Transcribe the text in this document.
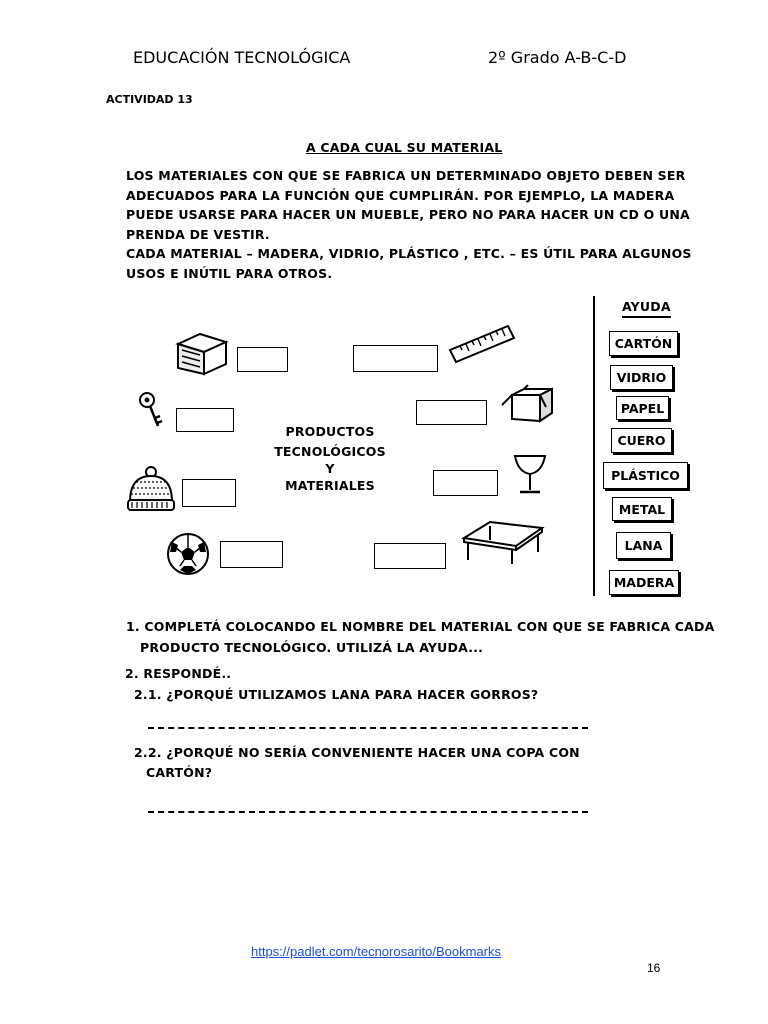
EDUCACIÓN TECNOLÓGICA	2º Grado A-B-C-D
ACTIVIDAD 13
A CADA CUAL SU MATERIAL

LOS MATERIALES CON QUE SE FABRICA UN DETERMINADO OBJETO DEBEN SER

ADECUADOS PARA LA FUNCIÓN QUE CUMPLIRÁN. POR EJEMPLO, LA MADERA

PUEDE USARSE PARA HACER UN MUEBLE, PERO NO PARA HACER UN CD O UNA

PRENDA DE VESTIR.

CADA MATERIAL – MADERA, VIDRIO, PLÁSTICO , ETC. – ES ÚTIL PARA ALGUNOS

USOS E INÚTIL PARA OTROS.

PRODUCTOS
TECNOLÓGICOS
Y
MATERIALES
AYUDA
CARTÓN
VIDRIO
PAPEL
CUERO
PLÁSTICO
METAL
LANA
MADERA
1. COMPLETÁ COLOCANDO EL NOMBRE DEL MATERIAL CON QUE SE FABRICA CADA
PRODUCTO TECNOLÓGICO. UTILIZÁ LA AYUDA...
2. RESPONDÉ..
2.1. ¿PORQUÉ UTILIZAMOS LANA PARA HACER GORROS?
2.2. ¿PORQUÉ NO SERÍA CONVENIENTE HACER UNA COPA CON
CARTÓN?
https://padlet.com/tecnorosarito/Bookmarks
16
